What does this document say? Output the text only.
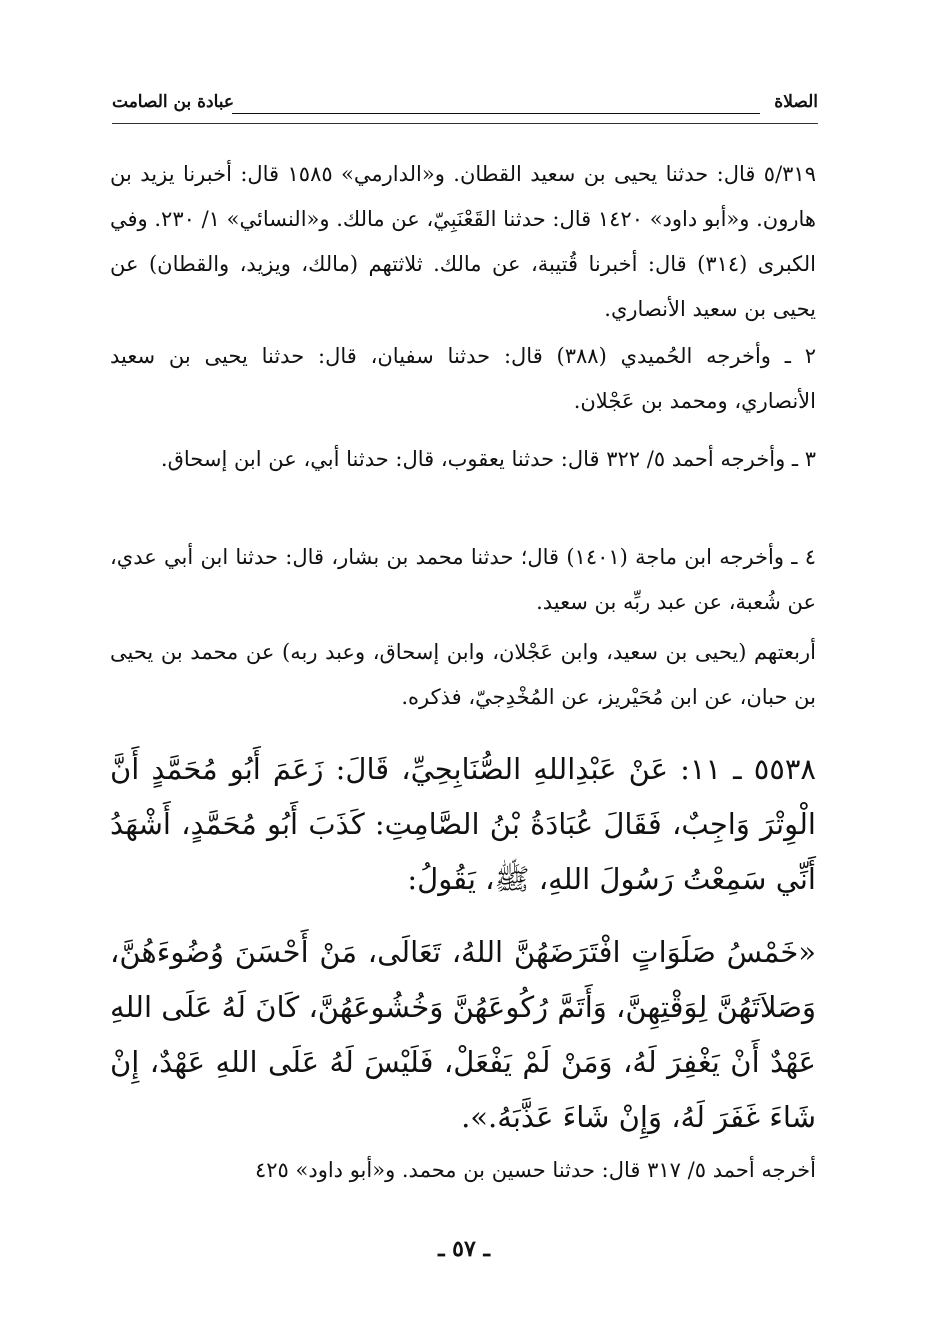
الصلاة
عبادة بن الصامت

٥/٣١٩ قال: حدثنا يحيى بن سعيد القطان. و«الدارمي» ١٥٨٥ قال: أخبرنا يزيد بن هارون. و«أبو داود» ١٤٢٠ قال: حدثنا القَعْنَبِيّ، عن مالك. و«النسائي» ١/ ٢٣٠. وفي الكبرى (٣١٤) قال: أخبرنا قُتيبة، عن مالك. ثلاثتهم (مالك، ويزيد، والقطان) عن يحيى بن سعيد الأنصاري.

٢ ـ وأخرجه الحُميدي (٣٨٨) قال: حدثنا سفيان، قال: حدثنا يحيى بن سعيد الأنصاري، ومحمد بن عَجْلان.

٣ ـ وأخرجه أحمد ٥/ ٣٢٢ قال: حدثنا يعقوب، قال: حدثنا أبي، عن ابن إسحاق.

٤ ـ وأخرجه ابن ماجة (١٤٠١) قال؛ حدثنا محمد بن بشار، قال: حدثنا ابن أبي عدي، عن شُعبة، عن عبد ربِّه بن سعيد.

أربعتهم (يحيى بن سعيد، وابن عَجْلان، وابن إسحاق، وعبد ربه) عن محمد بن يحيى بن حبان، عن ابن مُحَيْريز، عن المُخْدِجيّ، فذكره.

٥٥٣٨ ـ ١١: عَنْ عَبْدِاللهِ الصُّنَابِحِيِّ، قَالَ: زَعَمَ أَبُو مُحَمَّدٍ أَنَّ الْوِتْرَ وَاجِبٌ، فَقَالَ عُبَادَةُ بْنُ الصَّامِتِ: كَذَبَ أَبُو مُحَمَّدٍ، أَشْهَدُ أَنِّي سَمِعْتُ رَسُولَ اللهِ، ﷺ، يَقُولُ:

«خَمْسُ صَلَوَاتٍ افْتَرَضَهُنَّ اللهُ، تَعَالَى، مَنْ أَحْسَنَ وُضُوءَهُنَّ، وَصَلاَتَهُنَّ لِوَقْتِهِنَّ، وَأَتَمَّ رُكُوعَهُنَّ وَخُشُوعَهُنَّ، كَانَ لَهُ عَلَى اللهِ عَهْدٌ أَنْ يَغْفِرَ لَهُ، وَمَنْ لَمْ يَفْعَلْ، فَلَيْسَ لَهُ عَلَى اللهِ عَهْدٌ، إِنْ شَاءَ غَفَرَ لَهُ، وَإِنْ شَاءَ عَذَّبَهُ.».

أخرجه أحمد ٥/ ٣١٧ قال: حدثنا حسين بن محمد. و«أبو داود» ٤٢٥

ـ ٥٧ ـ
